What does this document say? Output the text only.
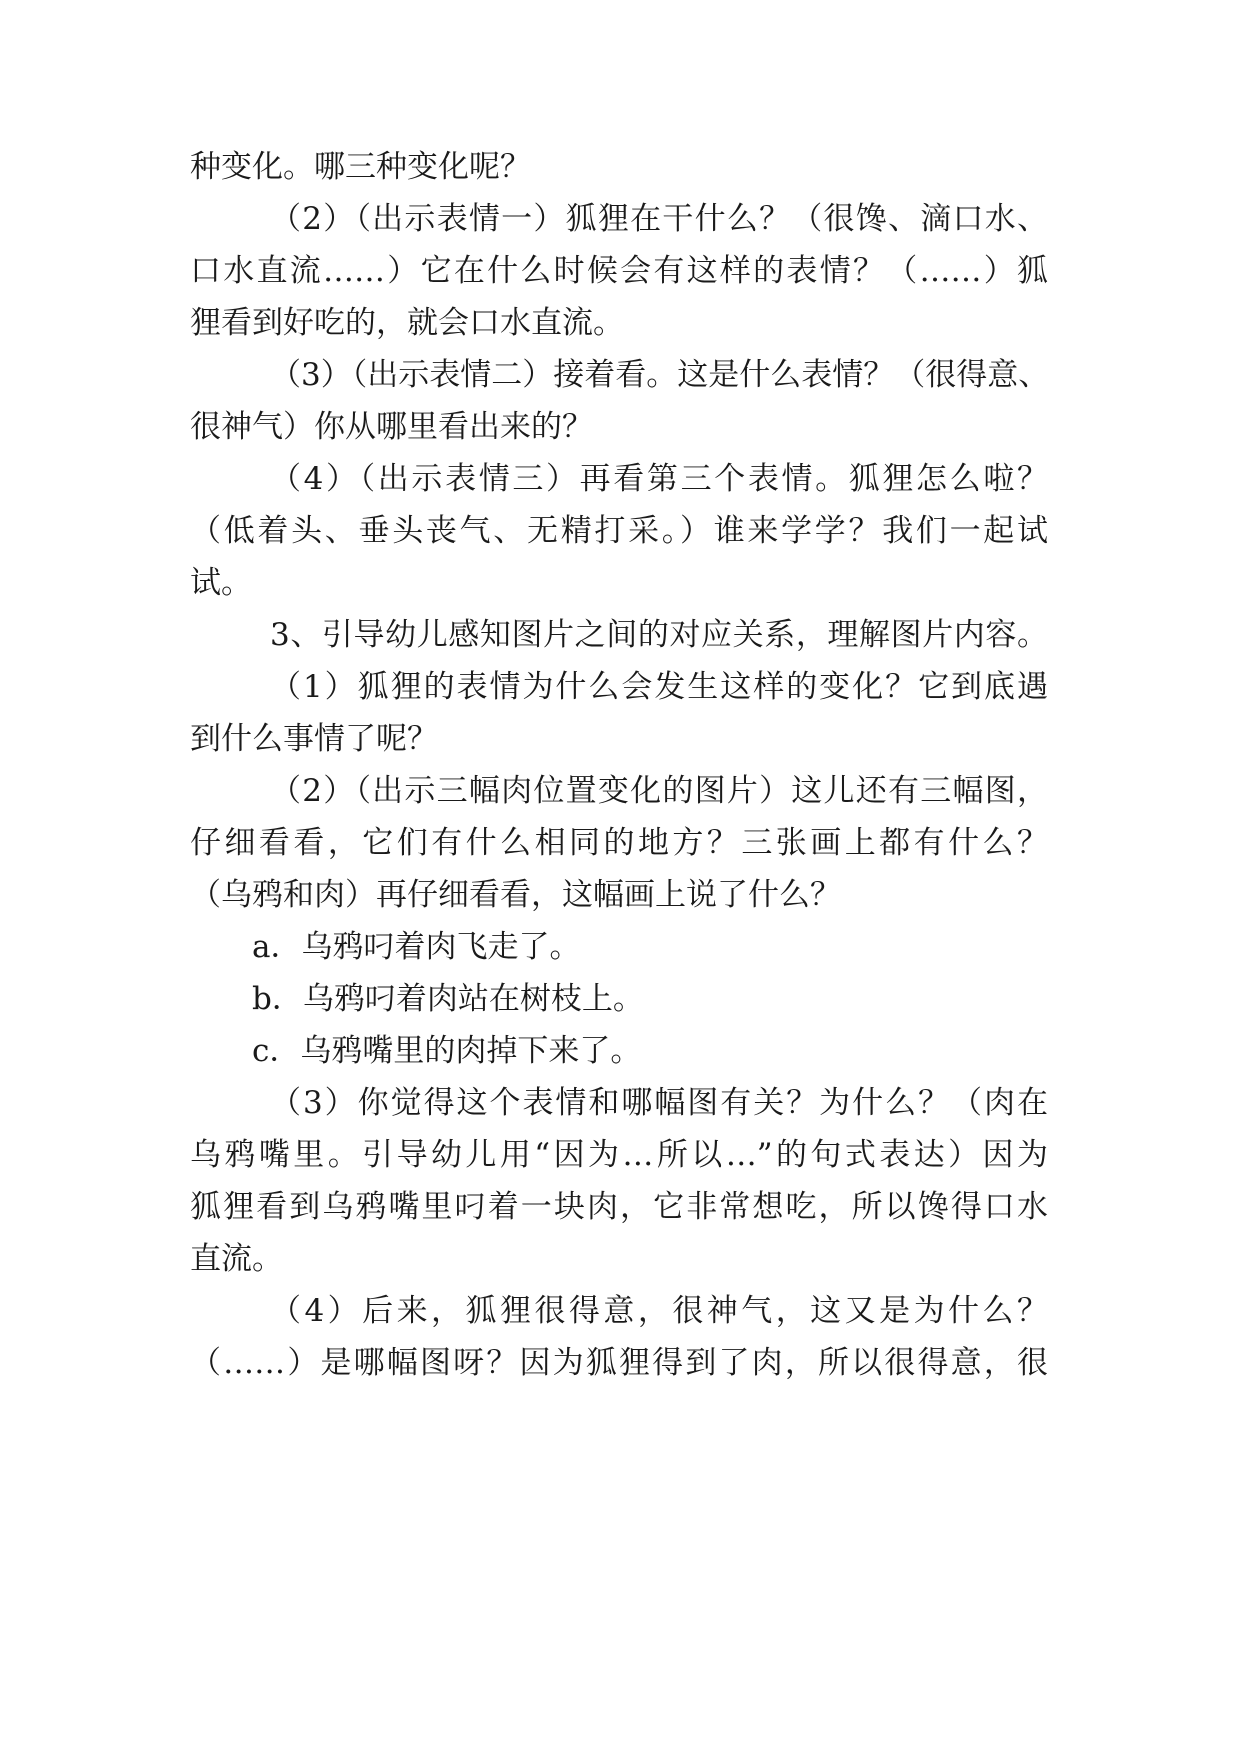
种变化。哪三种变化呢？
（2）（出示表情一）狐狸在干什么？（很馋、滴口水、
口水直流……）它在什么时候会有这样的表情？（……）狐
狸看到好吃的，就会口水直流。
（3）（出示表情二）接着看。这是什么表情？（很得意、
很神气）你从哪里看出来的？
（4）（出示表情三）再看第三个表情。狐狸怎么啦？
（低着头、垂头丧气、无精打采。）谁来学学？我们一起试
试。
3、引导幼儿感知图片之间的对应关系，理解图片内容。
（1）狐狸的表情为什么会发生这样的变化？它到底遇
到什么事情了呢？
（2）（出示三幅肉位置变化的图片）这儿还有三幅图，
仔细看看，它们有什么相同的地方？三张画上都有什么？
（乌鸦和肉）再仔细看看，这幅画上说了什么？
a．乌鸦叼着肉飞走了。
b．乌鸦叼着肉站在树枝上。
c．乌鸦嘴里的肉掉下来了。
（3）你觉得这个表情和哪幅图有关？为什么？（肉在
乌鸦嘴里。引导幼儿用“因为…所以…”的句式表达）因为
狐狸看到乌鸦嘴里叼着一块肉，它非常想吃，所以馋得口水
直流。
（4）后来，狐狸很得意，很神气，这又是为什么？
（……）是哪幅图呀？因为狐狸得到了肉，所以很得意，很
